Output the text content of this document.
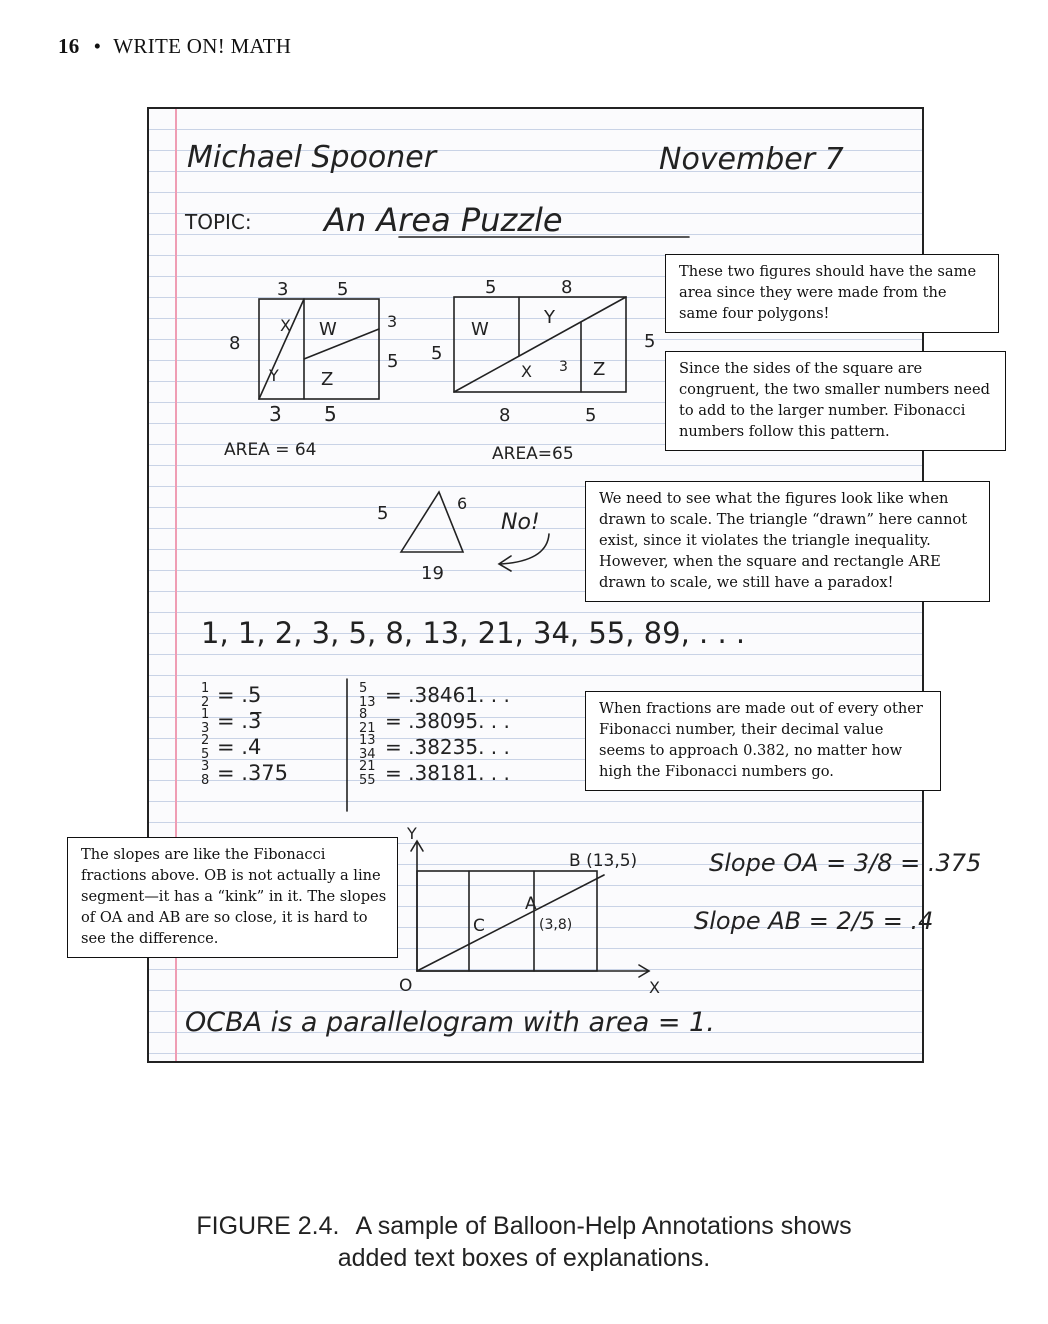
16 • WRITE ON! MATH
Michael Spooner	November 7
TOPIC: An Area Puzzle
3	5
8
3
5
3 5
X W
Y Z
AREA = 64
5	8
5
5
8	5
W
Y
X 3 Z
AREA=65
5	6
19
No!
1, 1, 2, 3, 5, 8, 13, 21, 34, 55, 89, . . .
1
2 = .5
1
3 = .3̅
2
5 = .4
3
8 = .375
5
13 = .38461. . .
8
21 = .38095. . .
13
34 = .38235. . .
21
55 = .38181. . .
Y
X
O
B (13,5)
A
(3,8)
C
Slope OA = 3/8 = .375
Slope AB = 2/5 = .4
OCBA is a parallelogram with area = 1.
These two figures should have the same area since they were made from the same four polygons!
Since the sides of the square are congruent, the two smaller numbers need to add to the larger number. Fibonacci numbers follow this pattern.
We need to see what the figures look like when drawn to scale. The triangle “drawn” here cannot exist, since it violates the triangle inequality. However, when the square and rectangle ARE drawn to scale, we still have a paradox!
When fractions are made out of every other Fibonacci number, their decimal value seems to approach 0.382, no matter how high the Fibonacci numbers go.
The slopes are like the Fibonacci fractions above. OB is not actually a line segment—it has a “kink” in it. The slopes of OA and AB are so close, it is hard to see the difference.
FIGURE 2.4. A sample of Balloon-Help Annotations shows
added text boxes of explanations.
